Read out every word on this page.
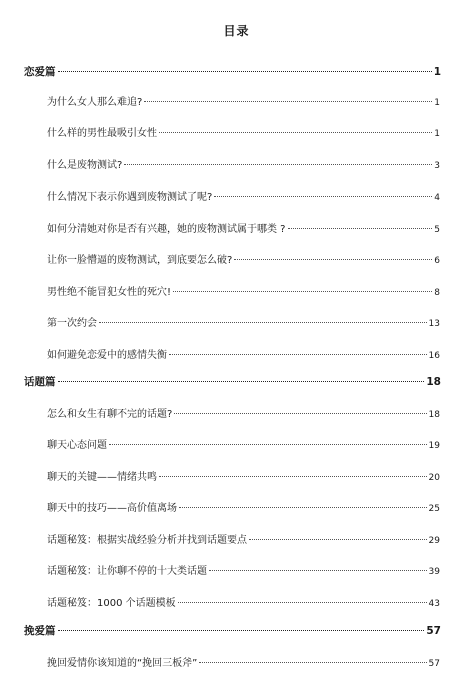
目录
恋爱篇	1
为什么女人那么难追?	1
什么样的男性最吸引女性	1
什么是废物测试?	3
什么情况下表示你遇到废物测试了呢?	4
如何分清她对你是否有兴趣，她的废物测试属于哪类 ?	5
让你一脸懵逼的废物测试，到底要怎么破?	6
男性绝不能冒犯女性的死穴!	8
第一次约会	13
如何避免恋爱中的感情失衡	16
话题篇	18
怎么和女生有聊不完的话题?	18
聊天心态问题	19
聊天的关键——情绪共鸣	20
聊天中的技巧——高价值离场	25
话题秘笈：根据实战经验分析并找到话题要点	29
话题秘笈：让你聊不停的十大类话题	39
话题秘笈：1000 个话题模板	43
挽爱篇	57
挽回爱情你该知道的“挽回三板斧”	57
